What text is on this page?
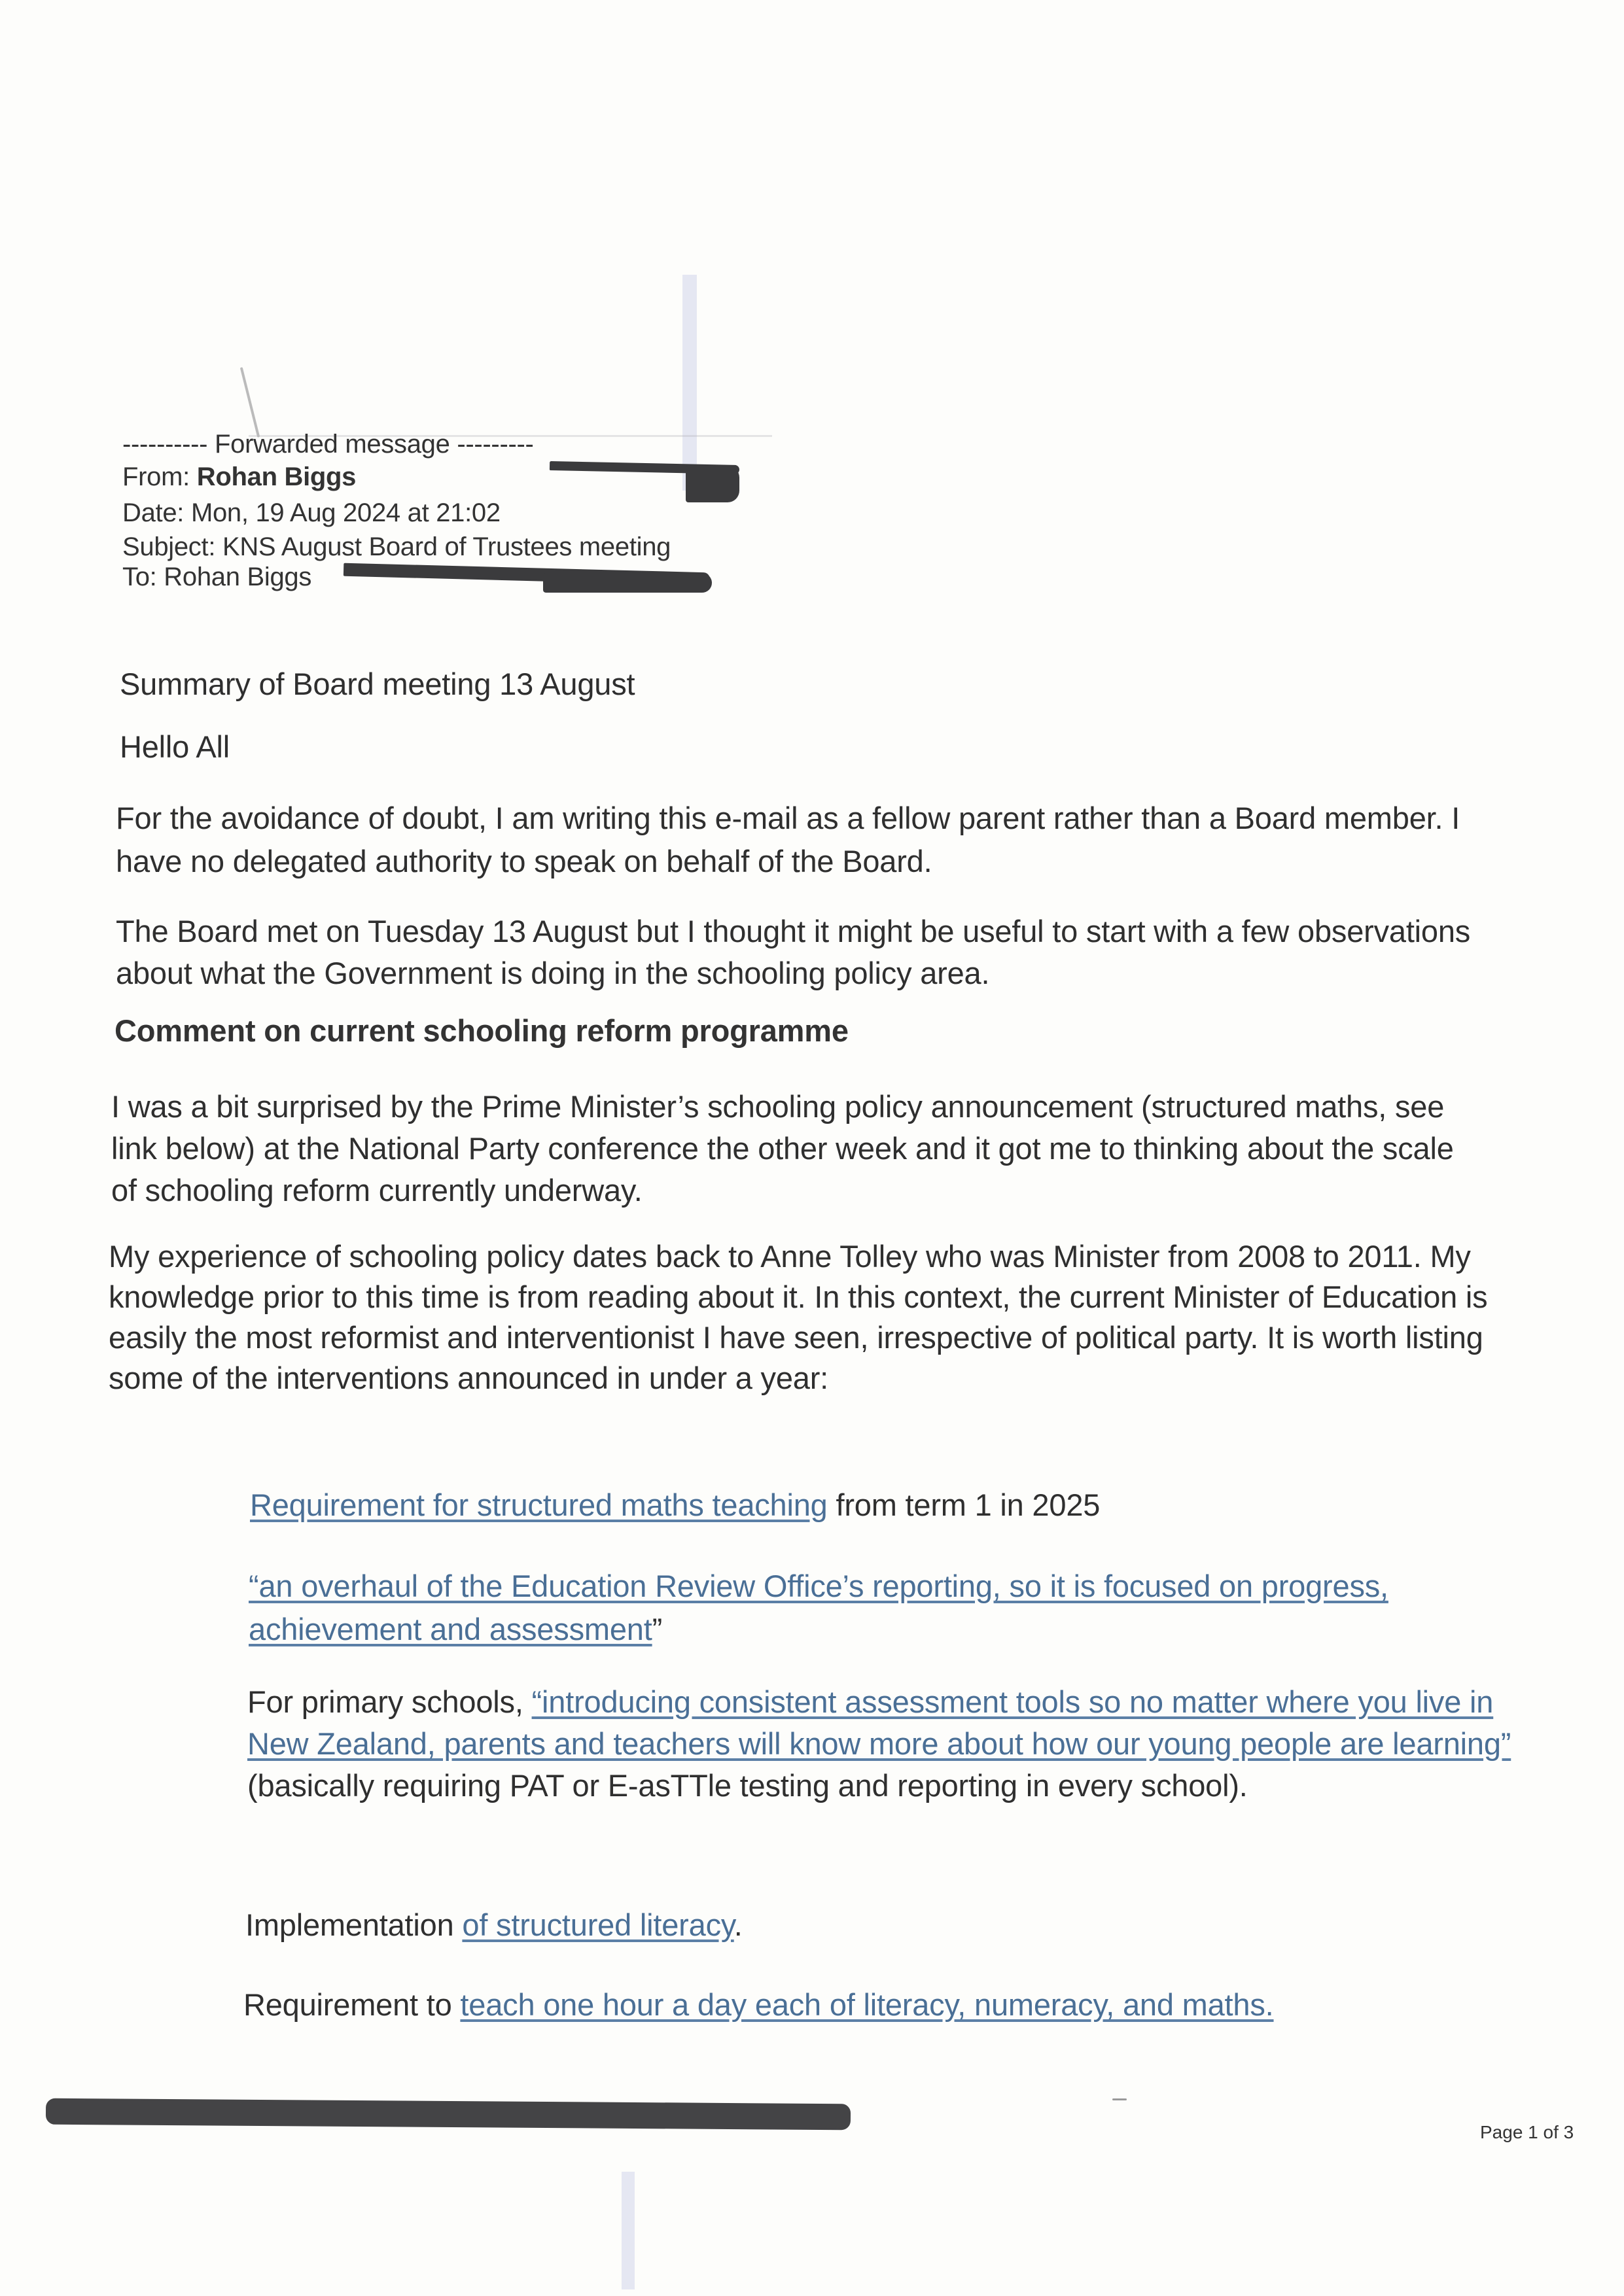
---------- Forwarded message ---------
From: Rohan Biggs
Date: Mon, 19 Aug 2024 at 21:02
Subject: KNS August Board of Trustees meeting
To: Rohan Biggs
Summary of Board meeting 13 August
Hello All
For the avoidance of doubt, I am writing this e-mail as a fellow parent rather than a Board member. I have no delegated authority to speak on behalf of the Board.
The Board met on Tuesday 13 August but I thought it might be useful to start with a few observations about what the Government is doing in the schooling policy area.
Comment on current schooling reform programme
I was a bit surprised by the Prime Minister’s schooling policy announcement (structured maths, see link below) at the National Party conference the other week and it got me to thinking about the scale of schooling reform currently underway.
My experience of schooling policy dates back to Anne Tolley who was Minister from 2008 to 2011. My knowledge prior to this time is from reading about it. In this context, the current Minister of Education is easily the most reformist and interventionist I have seen, irrespective of political party. It is worth listing some of the interventions announced in under a year:
Requirement for structured maths teaching from term 1 in 2025
“an overhaul of the Education Review Office’s reporting, so it is focused on progress, achievement and assessment”
For primary schools, “introducing consistent assessment tools so no matter where you live in New Zealand, parents and teachers will know more about how our young people are learning” (basically requiring PAT or E-asTTle testing and reporting in every school).
Implementation of structured literacy.
Requirement to teach one hour a day each of literacy, numeracy, and maths.
Page 1 of 3
